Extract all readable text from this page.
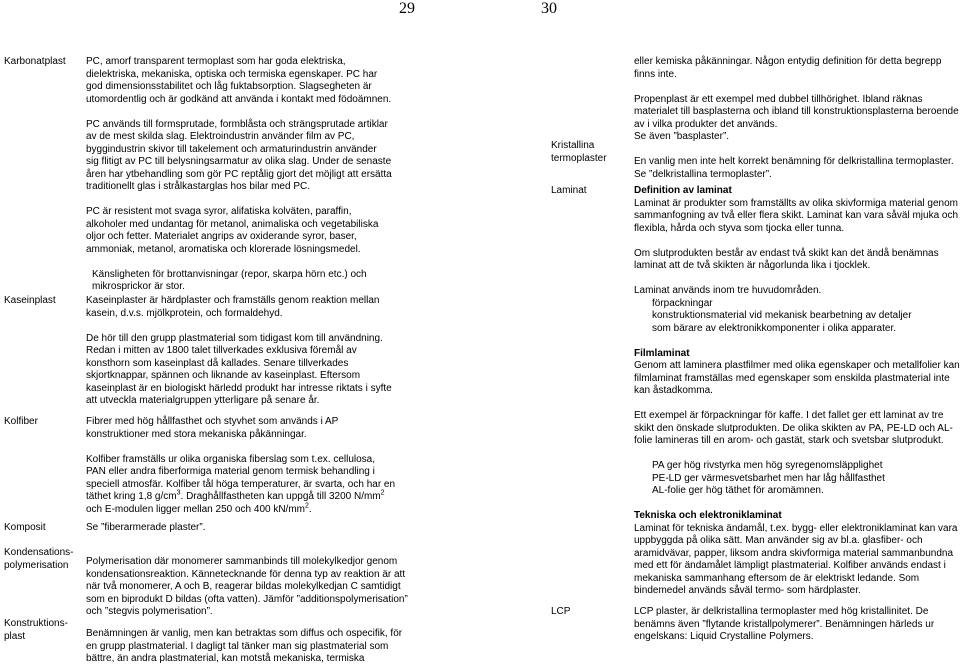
29	30
Karbonatplast
Kaseinplast
Kolfiber
Komposit
Kondensations-polymerisation
Konstruktions-plast

PC, amorf transparent termoplast som har goda elektriska, dielektriska, mekaniska, optiska och termiska egenskaper. PC har god dimensionsstabilitet och låg fuktabsorption. Slagsegheten är utomordentlig och är godkänd att använda i kontakt med födoämnen.

PC används till formsprutade, formblåsta och strängsprutade artiklar av de mest skilda slag. Elektroindustrin använder film av PC, byggindustrin skivor till takelement och armaturindustrin använder sig flitigt av PC till belysningsarmatur av olika slag. Under de senaste åren har ytbehandling som gör PC reptålig gjort det möjligt att ersätta traditionellt glas i strålkastarglas hos bilar med PC.

PC är resistent mot svaga syror, alifatiska kolväten, paraffin, alkoholer med undantag för metanol, animaliska och vegetabiliska oljor och fetter. Materialet angrips av oxiderande syror, baser, ammoniak, metanol, aromatiska och klorerade lösningsmedel.

Känsligheten för brottanvisningar (repor, skarpa hörn etc.) och mikrosprickor är stor.

Kaseinplaster är härdplaster och framställs genom reaktion mellan kasein, d.v.s. mjölkprotein, och formaldehyd.

De hör till den grupp plastmaterial som tidigast kom till användning. Redan i mitten av 1800 talet tillverkades exklusiva föremål av konsthorn som kaseinplast då kallades. Senare tillverkades skjortknappar, spännen och liknande av kaseinplast. Eftersom kaseinplast är en biologiskt härledd produkt har intresse riktats i syfte att utveckla materialgruppen ytterligare på senare år.

Fibrer med hög hållfasthet och styvhet som används i AP konstruktioner med stora mekaniska påkänningar.

Kolfiber framställs ur olika organiska fiberslag som t.ex. cellulosa, PAN eller andra fiberformiga material genom termisk behandling i speciell atmosfär. Kolfiber tål höga temperaturer, är svarta, och har en täthet kring 1,8 $g/cm^3$. Draghållfastheten kan uppgå till 3200 $N/mm^2$ och E-modulen ligger mellan 250 och 400 $kN/mm^2$.

Se ”fiberarmerade plaster”.

Polymerisation där monomerer sammanbinds till molekylkedjor genom kondensationsreaktion. Kännetecknande för denna typ av reaktion är att när två monomerer, A och B, reagerar bildas molekylkedjan C samtidigt som en biprodukt D bildas (ofta vatten). Jämför ”additionspolymerisation” och ”stegvis polymerisation”.

Benämningen är vanlig, men kan betraktas som diffus och ospecifik, för en grupp plastmaterial. I dagligt tal tänker man sig plastmaterial som bättre, än andra plastmaterial, kan motstå mekaniska, termiska

Kristallina termoplaster
Laminat
LCP

eller kemiska påkänningar. Någon entydig definition för detta begrepp finns inte.

Propenplast är ett exempel med dubbel tillhörighet. Ibland räknas materialet till basplasterna och ibland till konstruktionsplasterna beroende av i vilka produkter det används.

Se även ”basplaster”.

En vanlig men inte helt korrekt benämning för delkristallina termoplaster. Se ”delkristallina termoplaster”.

Definition av laminat

Laminat är produkter som framställts av olika skivformiga material genom sammanfogning av två eller flera skikt. Laminat kan vara såväl mjuka och flexibla, hårda och styva som tjocka eller tunna.

Om slutprodukten består av endast två skikt kan det ändå benämnas laminat att de två skikten är någorlunda lika i tjocklek.

Laminat används inom tre huvudområden.

förpackningar

konstruktionsmaterial vid mekanisk bearbetning av detaljer

som bärare av elektronikkomponenter i olika apparater.

Filmlaminat

Genom att laminera plastfilmer med olika egenskaper och metallfolier kan filmlaminat framställas med egenskaper som enskilda plastmaterial inte kan åstadkomma.

Ett exempel är förpackningar för kaffe. I det fallet ger ett laminat av tre skikt den önskade slutprodukten. De olika skikten av PA, PE-LD och AL-folie lamineras till en arom- och gastät, stark och svetsbar slutprodukt.

PA ger hög rivstyrka men hög syregenomsläpplighet

PE-LD ger värmesvetsbarhet men har låg hållfasthet

AL-folie ger hög täthet för aromämnen.

Tekniska och elektroniklaminat

Laminat för tekniska ändamål, t.ex. bygg- eller elektroniklaminat kan vara uppbyggda på olika sätt. Man använder sig av bl.a. glasfiber- och aramidvävar, papper, liksom andra skivformiga material sammanbundna med ett för ändamålet lämpligt plastmaterial. Kolfiber används endast i mekaniska sammanhang eftersom de är elektriskt ledande. Som bindemedel används såväl termo- som härdplaster.

LCP plaster, är delkristallina termoplaster med hög kristallinitet. De benämns även ”flytande kristallpolymerer”. Benämningen härleds ur engelskans: Liquid Crystalline Polymers.
